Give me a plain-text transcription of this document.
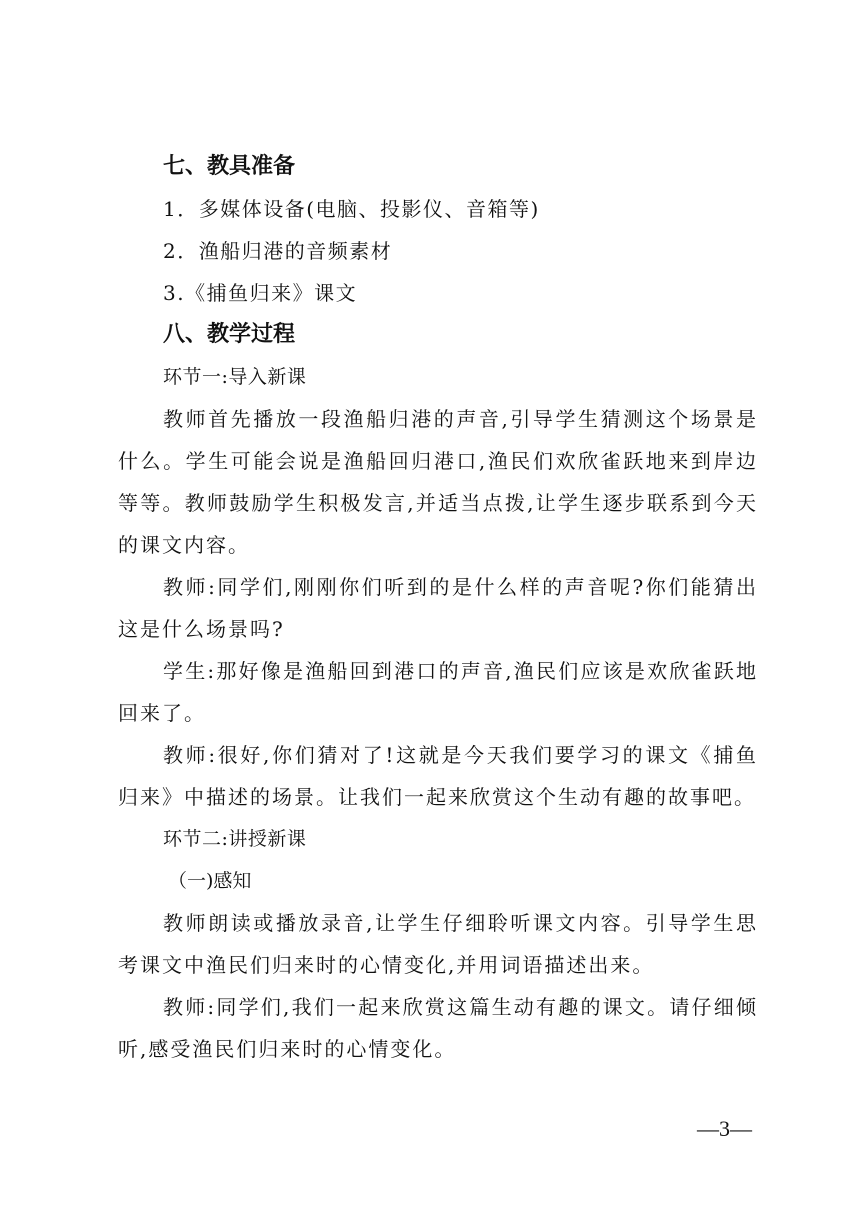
七、教具准备
1．多媒体设备(电脑、投影仪、音箱等)
2．渔船归港的音频素材
3.《捕鱼归来》课文
八、教学过程
环节一:导入新课

教师首先播放一段渔船归港的声音,引导学生猜测这个场景是什么。学生可能会说是渔船回归港口,渔民们欢欣雀跃地来到岸边等等。教师鼓励学生积极发言,并适当点拨,让学生逐步联系到今天的课文内容。

教师:同学们,刚刚你们听到的是什么样的声音呢?你们能猜出这是什么场景吗?

学生:那好像是渔船回到港口的声音,渔民们应该是欢欣雀跃地回来了。

教师:很好,你们猜对了!这就是今天我们要学习的课文《捕鱼归来》中描述的场景。让我们一起来欣赏这个生动有趣的故事吧。

环节二:讲授新课
（一)感知

教师朗读或播放录音,让学生仔细聆听课文内容。引导学生思考课文中渔民们归来时的心情变化,并用词语描述出来。

教师:同学们,我们一起来欣赏这篇生动有趣的课文。请仔细倾听,感受渔民们归来时的心情变化。

—3—
